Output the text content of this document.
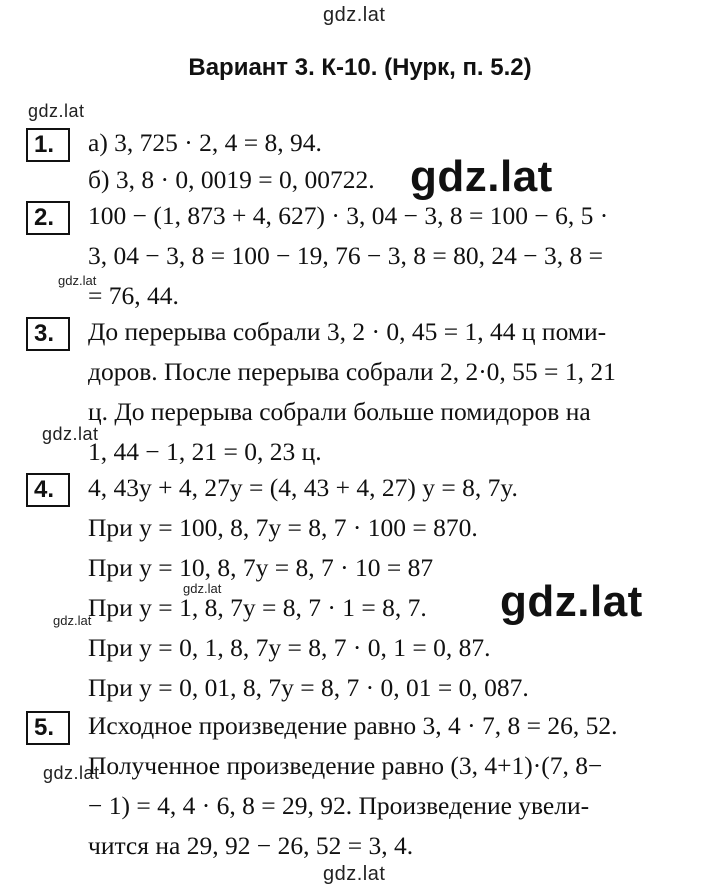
gdz.lat
gdz.lat
gdz.lat
gdz.lat
gdz.lat
gdz.lat
gdz.lat	gdz.lat
gdz.lat
gdz.lat
Вариант 3. К-10. (Нурк, п. 5.2)
1.	а) 3, 725 · 2, 4 = 8, 94.
б) 3, 8 · 0, 0019 = 0, 00722.
2.	100 − (1, 873 + 4, 627) · 3, 04 − 3, 8 = 100 − 6, 5 ·
3, 04 − 3, 8 = 100 − 19, 76 − 3, 8 = 80, 24 − 3, 8 =
= 76, 44.
3.	До перерыва собрали 3, 2 · 0, 45 = 1, 44 ц поми-
доров. После перерыва собрали 2, 2·0, 55 = 1, 21
ц. До перерыва собрали больше помидоров на
1, 44 − 1, 21 = 0, 23 ц.
4.	4, 43y + 4, 27y = (4, 43 + 4, 27) y = 8, 7y.
При y = 100, 8, 7y = 8, 7 · 100 = 870.
При y = 10, 8, 7y = 8, 7 · 10 = 87
При y = 1, 8, 7y = 8, 7 · 1 = 8, 7.
При y = 0, 1, 8, 7y = 8, 7 · 0, 1 = 0, 87.
При y = 0, 01, 8, 7y = 8, 7 · 0, 01 = 0, 087.
5.	Исходное произведение равно 3, 4 · 7, 8 = 26, 52.
Полученное произведение равно (3, 4+1)·(7, 8−
− 1) = 4, 4 · 6, 8 = 29, 92. Произведение увели-
чится на 29, 92 − 26, 52 = 3, 4.
